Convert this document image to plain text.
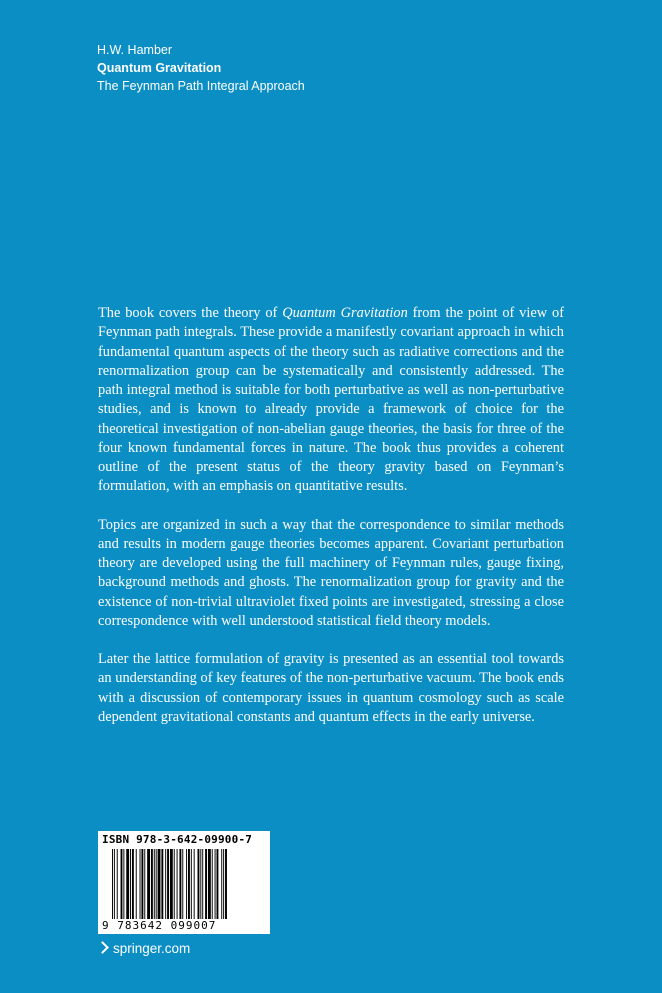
H.W. Hamber
Quantum Gravitation
The Feynman Path Integral Approach

The book covers the theory of Quantum Gravitation from the point of view of Feynman path integrals. These provide a manifestly covariant approach in which fundamental quantum aspects of the theory such as radiative corrections and the renormalization group can be systematically and consistently addressed. The path integral method is suitable for both perturbative as well as non-perturbative studies, and is known to already provide a framework of choice for the theoretical investigation of non-abelian gauge theories, the basis for three of the four known fundamental forces in nature. The book thus provides a coherent outline of the present status of the theory gravity based on Feynman’s formulation, with an emphasis on quantitative results.

Topics are organized in such a way that the correspondence to similar methods and results in modern gauge theories becomes apparent. Covariant perturbation theory are developed using the full machinery of Feynman rules, gauge fixing, background methods and ghosts. The renormalization group for gravity and the existence of non-trivial ultraviolet fixed points are investigated, stressing a close correspondence with well understood statistical field theory models.

Later the lattice formulation of gravity is presented as an essential tool towards an understanding of key features of the non-perturbative vacuum. The book ends with a discussion of contemporary issues in quantum cosmology such as scale dependent gravitational constants and quantum effects in the early universe.

ISBN 978-3-642-09900-7
9 783642 099007
springer.com
